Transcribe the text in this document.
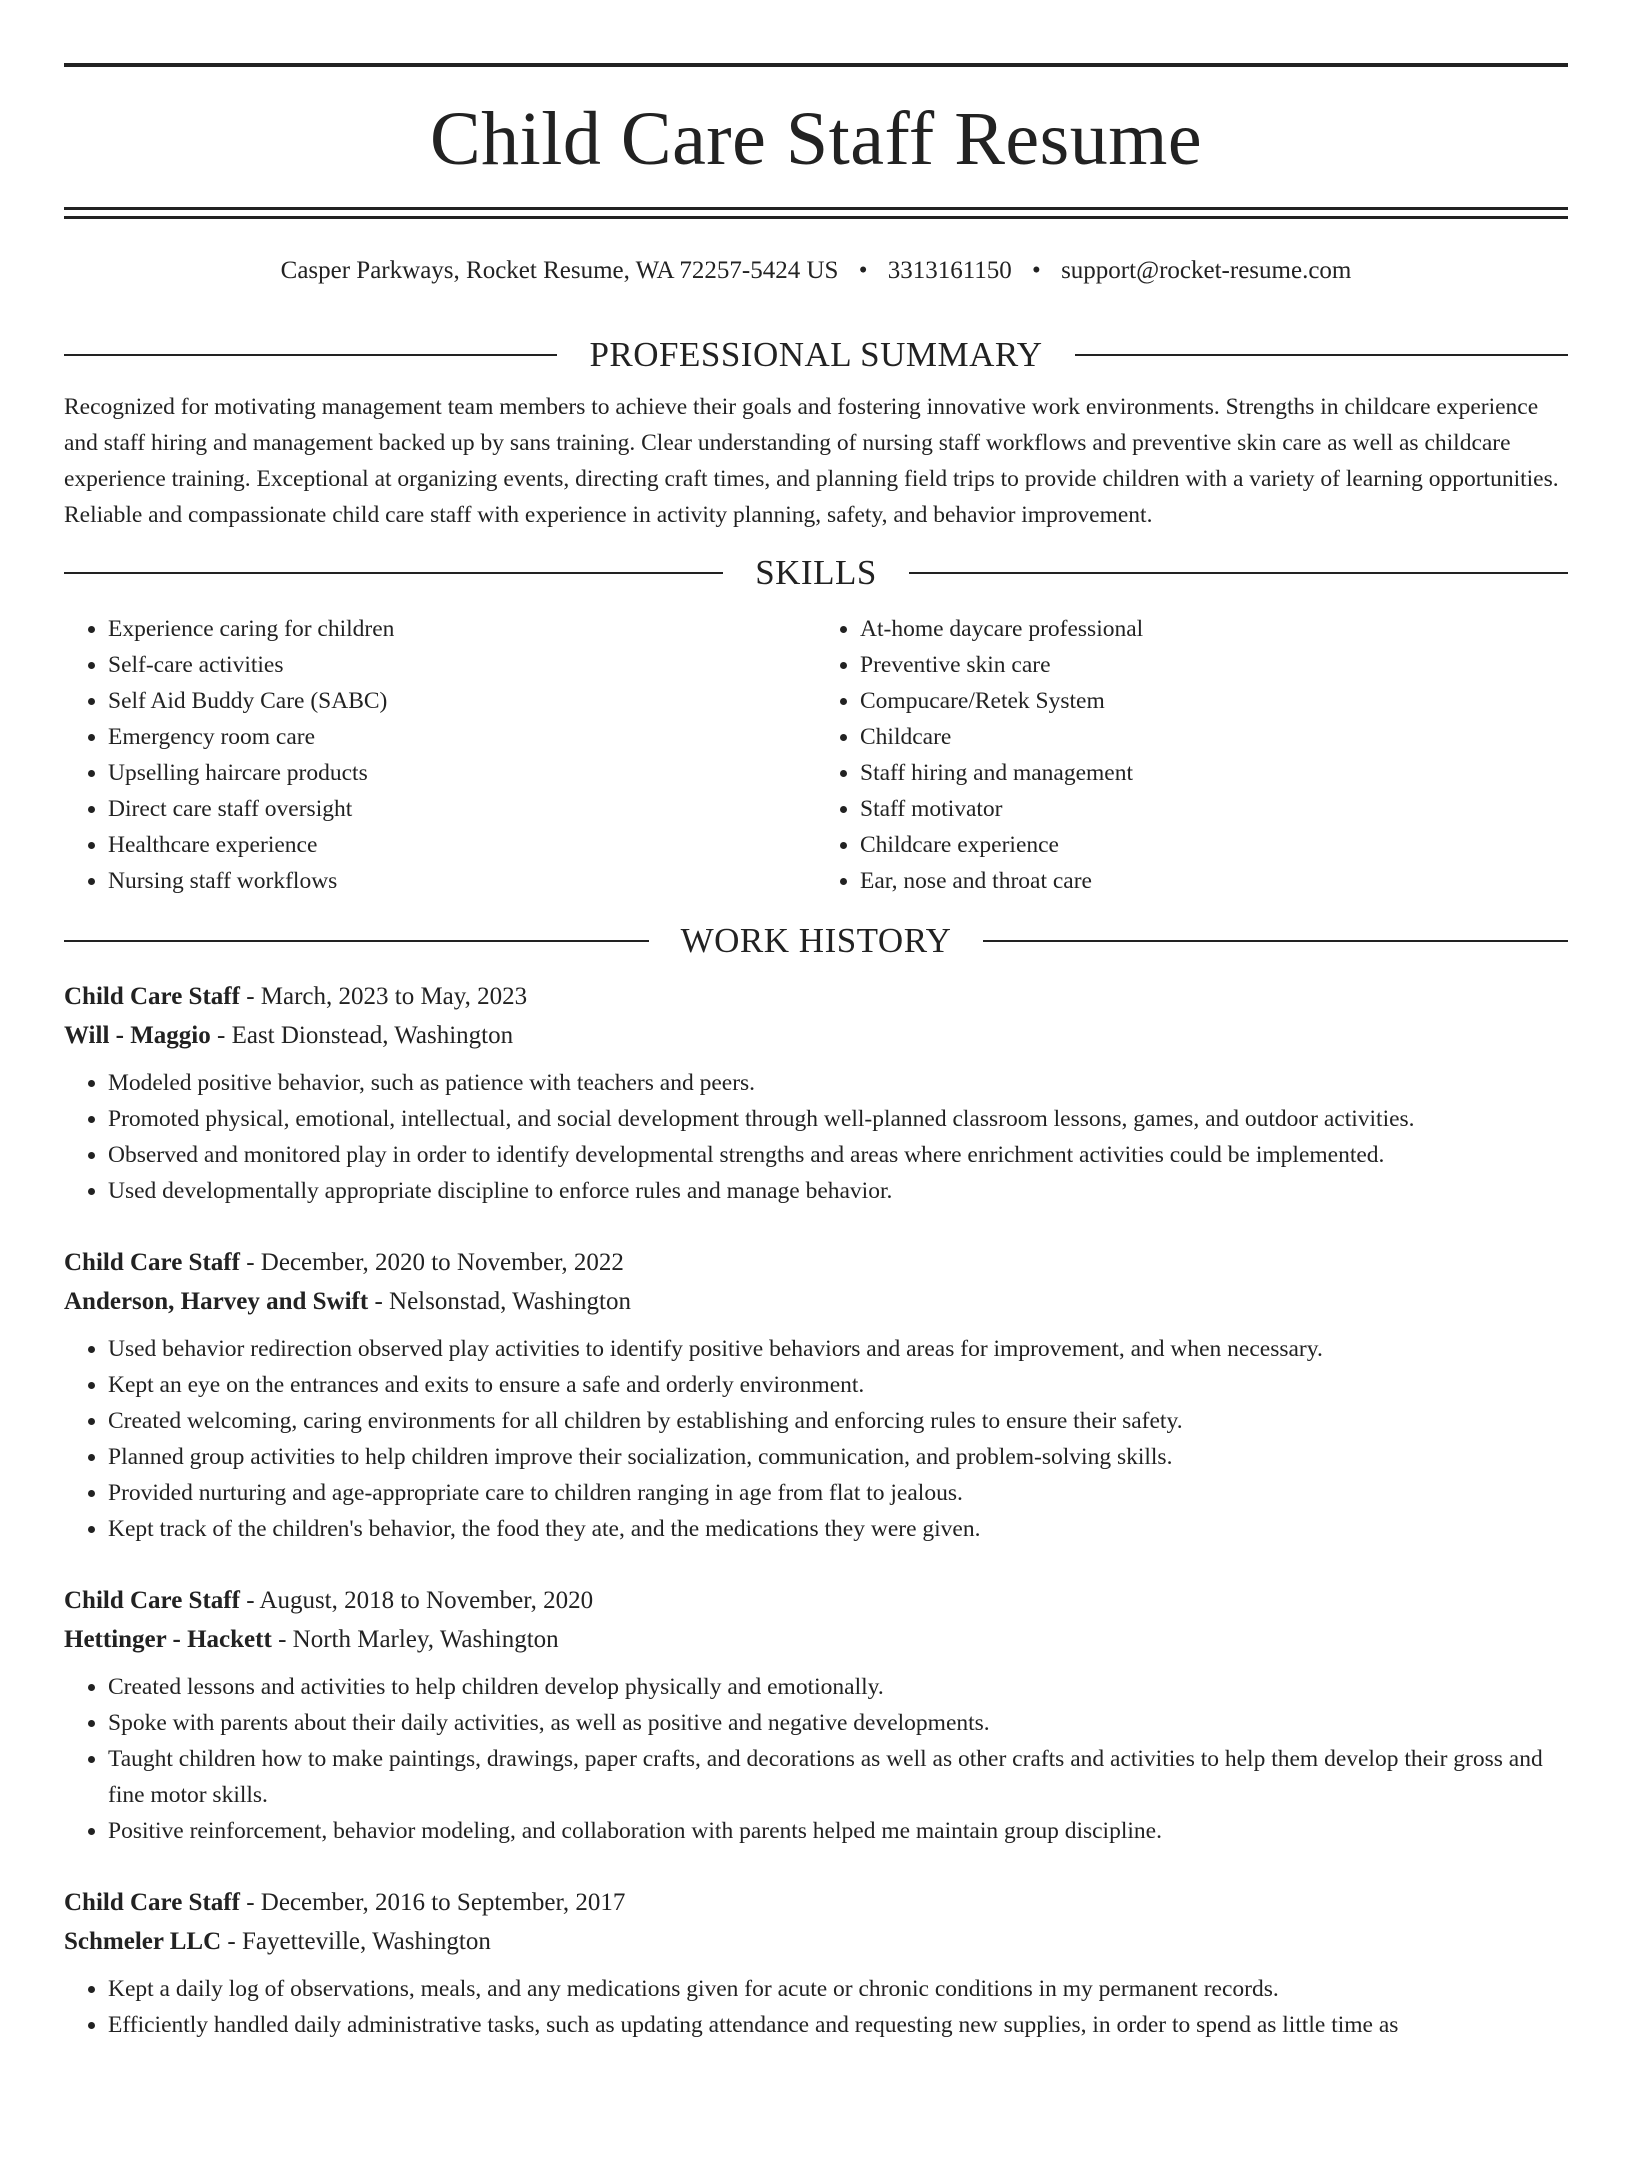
Child Care Staff Resume
Casper Parkways, Rocket Resume, WA 72257-5424 US • 3313161150 • support@rocket-resume.com
PROFESSIONAL SUMMARY

Recognized for motivating management team members to achieve their goals and fostering innovative work environments. Strengths in childcare experience and staff hiring and management backed up by sans training. Clear understanding of nursing staff workflows and preventive skin care as well as childcare experience training. Exceptional at organizing events, directing craft times, and planning field trips to provide children with a variety of learning opportunities. Reliable and compassionate child care staff with experience in activity planning, safety, and behavior improvement.

SKILLS
• Experience caring for children
• Self-care activities
• Self Aid Buddy Care (SABC)
• Emergency room care
• Upselling haircare products
• Direct care staff oversight
• Healthcare experience
• Nursing staff workflows
• At-home daycare professional
• Preventive skin care
• Compucare/Retek System
• Childcare
• Staff hiring and management
• Staff motivator
• Childcare experience
• Ear, nose and throat care
WORK HISTORY
Child Care Staff - March, 2023 to May, 2023
Will - Maggio - East Dionstead, Washington
• Modeled positive behavior, such as patience with teachers and peers.
• Promoted physical, emotional, intellectual, and social development through well-planned classroom lessons, games, and outdoor activities.
• Observed and monitored play in order to identify developmental strengths and areas where enrichment activities could be implemented.
• Used developmentally appropriate discipline to enforce rules and manage behavior.
Child Care Staff - December, 2020 to November, 2022
Anderson, Harvey and Swift - Nelsonstad, Washington
• Used behavior redirection observed play activities to identify positive behaviors and areas for improvement, and when necessary.
• Kept an eye on the entrances and exits to ensure a safe and orderly environment.
• Created welcoming, caring environments for all children by establishing and enforcing rules to ensure their safety.
• Planned group activities to help children improve their socialization, communication, and problem-solving skills.
• Provided nurturing and age-appropriate care to children ranging in age from flat to jealous.
• Kept track of the children's behavior, the food they ate, and the medications they were given.
Child Care Staff - August, 2018 to November, 2020
Hettinger - Hackett - North Marley, Washington
• Created lessons and activities to help children develop physically and emotionally.
• Spoke with parents about their daily activities, as well as positive and negative developments.
• Taught children how to make paintings, drawings, paper crafts, and decorations as well as other crafts and activities to help them develop their gross and fine motor skills.
• Positive reinforcement, behavior modeling, and collaboration with parents helped me maintain group discipline.
Child Care Staff - December, 2016 to September, 2017
Schmeler LLC - Fayetteville, Washington
• Kept a daily log of observations, meals, and any medications given for acute or chronic conditions in my permanent records.
• Efficiently handled daily administrative tasks, such as updating attendance and requesting new supplies, in order to spend as little time as
